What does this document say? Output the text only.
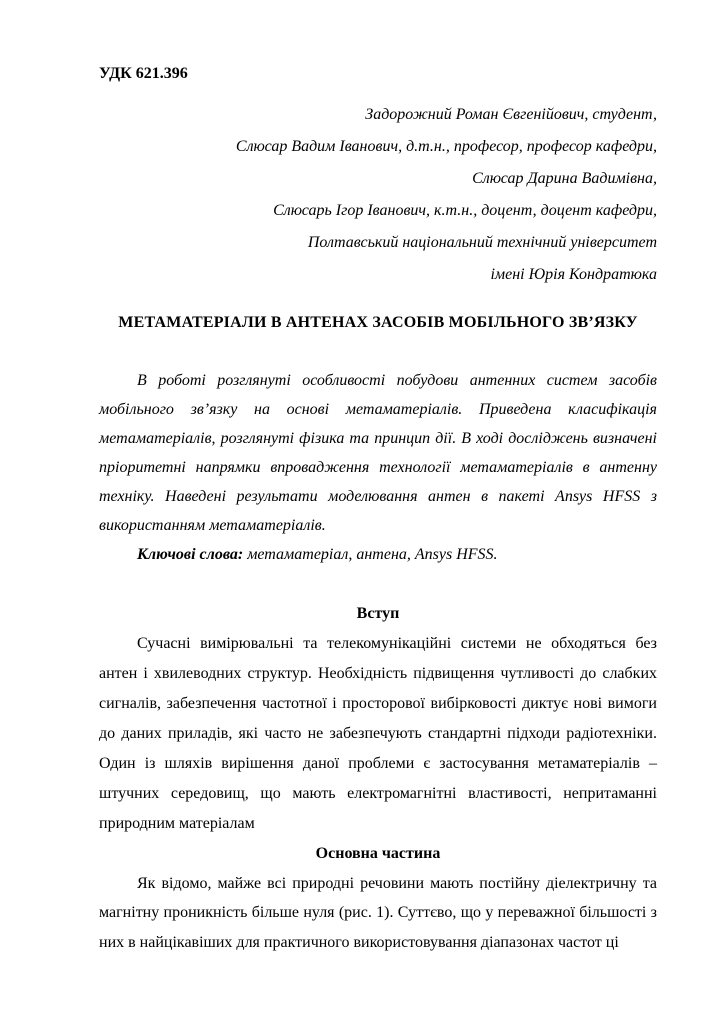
УДК 621.396

Задорожний Роман Євгенійович, студент,

Слюсар Вадим Іванович, д.т.н., професор, професор кафедри,

Слюсар Дарина Вадимівна,

Слюсарь Ігор Іванович, к.т.н., доцент, доцент кафедри,

Полтавський національний технічний університет

імені Юрія Кондратюка

МЕТАМАТЕРІАЛИ В АНТЕНАХ ЗАСОБІВ МОБІЛЬНОГО ЗВ’ЯЗКУ

В роботі розглянуті особливості побудови антенних систем засобів мобільного зв’язку на основі метаматеріалів. Приведена класифікація метаматеріалів, розглянуті фізика та принцип дії. В ході досліджень визначені пріоритетні напрямки впровадження технології метаматеріалів в антенну техніку. Наведені результати моделювання антен в пакеті Ansys HFSS з використанням метаматеріалів.

Ключові слова: метаматеріал, антена, Ansys HFSS.

Вступ

Сучасні вимірювальні та телекомунікаційні системи не обходяться без антен і хвилеводних структур. Необхідність підвищення чутливості до слабких сигналів, забезпечення частотної і просторової вибірковості диктує нові вимоги до даних приладів, які часто не забезпечують стандартні підходи радіотехніки. Один із шляхів вирішення даної проблеми є застосування метаматеріалів – штучних середовищ, що мають електромагнітні властивості, непритаманні природним матеріалам

Основна частина

Як відомо, майже всі природні речовини мають постійну діелектричну та магнітну проникність більше нуля (рис. 1). Суттєво, що у переважної більшості з них в найцікавіших для практичного використовування діапазонах частот ці
